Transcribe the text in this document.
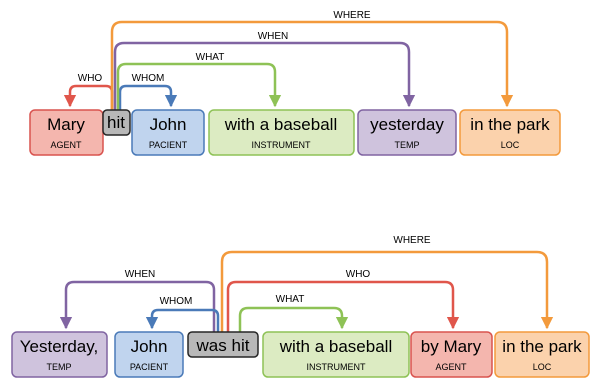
WHO	WHOM
WHAT
WHEN
WHERE
Mary
AGENT
hit John
PACIENT
with a baseball
INSTRUMENT
yesterday
TEMP
in the park
LOC
WHEN
WHOM	WHAT
WHO
WHERE
Yesterday,
TEMP
John
PACIENT
was hit with a baseball
INSTRUMENT
by Mary
AGENT
in the park
LOC
